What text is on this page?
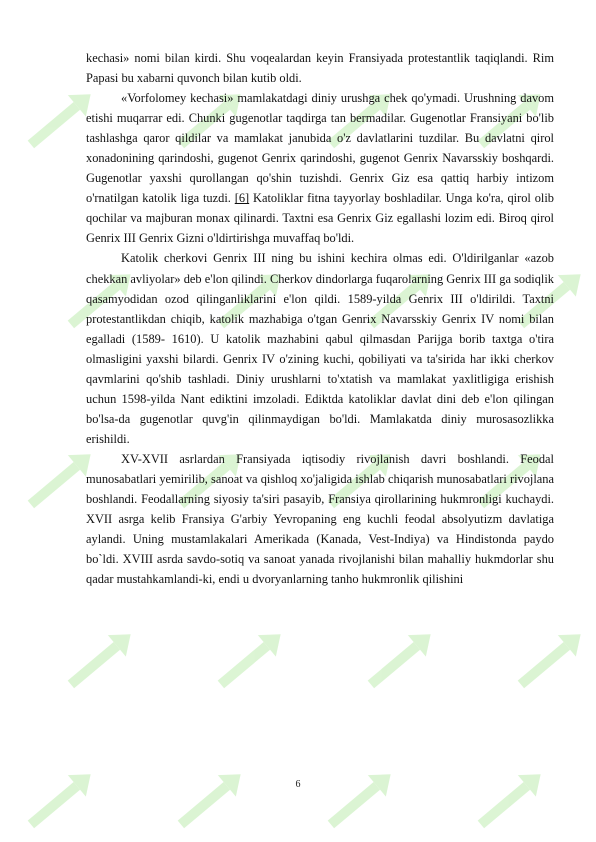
kechasi» nomi bilan kirdi. Shu voqealardan keyin Fransiyada protestantlik taqiqlandi. Rim Papasi bu xabarni quvonch bilan kutib oldi.

«Vorfolomey kechasi» mamlakatdagi diniy urushga chek qo'ymadi. Urushning davom etishi muqarrar edi. Chunki gugenotlar taqdirga tan bermadilar. Gugenotlar Fransiyani bo'lib tashlashga qaror qildilar va mamlakat janubida o'z davlatlarini tuzdilar. Bu davlatni qirol xonadonining qarindoshi, gugenot Genrix qarindoshi, gugenot Genrix Navarsskiy boshqardi. Gugenotlar yaxshi qurollangan qo'shin tuzishdi. Genrix Giz esa qattiq harbiy intizom o'rnatilgan katolik liga tuzdi. [6] Katoliklar fitna tayyorlay boshladilar. Unga ko'ra, qirol olib qochilar va majburan monax qilinardi. Taxtni esa Genrix Giz egallashi lozim edi. Biroq qirol Genrix III Genrix Gizni o'ldirtirishga muvaffaq bo'ldi.

Katolik cherkovi Genrix III ning bu ishini kechira olmas edi. O'ldirilganlar «azob chekkan avliyolar» deb e'lon qilindi. Cherkov dindorlarga fuqarolarning Genrix III ga sodiqlik qasamyodidan ozod qilinganliklarini e'lon qildi. 1589-yilda Genrix III o'ldirildi. Taxtni protestantlikdan chiqib, katolik mazhabiga o'tgan Genrix Navarsskiy Genrix IV nomi bilan egalladi (1589- 1610). U katolik mazhabini qabul qilmasdan Parijga borib taxtga o'tira olmasligini yaxshi bilardi. Genrix IV o'zining kuchi, qobiliyati va ta'sirida har ikki cherkov qavmlarini qo'shib tashladi. Diniy urushlarni to'xtatish va mamlakat yaxlitligiga erishish uchun 1598-yilda Nant ediktini imzoladi. Ediktda katoliklar davlat dini deb e'lon qilingan bo'lsa-da gugenotlar quvg'in qilinmaydigan bo'ldi. Mamlakatda diniy murosasozlikka erishildi.

XV-XVII asrlardan Fransiyada iqtisodiy rivojlanish davri boshlandi. Feodal munosabatlari yemirilib, sanoat va qishloq xo'jaligida ishlab chiqarish munosabatlari rivojlana boshlandi. Feodallarning siyosiy ta'siri pasayib, Fransiya qirollarining hukmronligi kuchaydi. XVII asrga kelib Fransiya G'arbiy Yevropaning eng kuchli feodal absolyutizm davlatiga aylandi. Uning mustamlakalari Amerikada (Kanada, Vest-Indiya) va Hindistonda paydo bo`ldi. XVIII asrda savdo-sotiq va sanoat yanada rivojlanishi bilan mahalliy hukmdorlar shu qadar mustahkamlandi-ki, endi u dvoryanlarning tanho hukmronlik qilishini

6
